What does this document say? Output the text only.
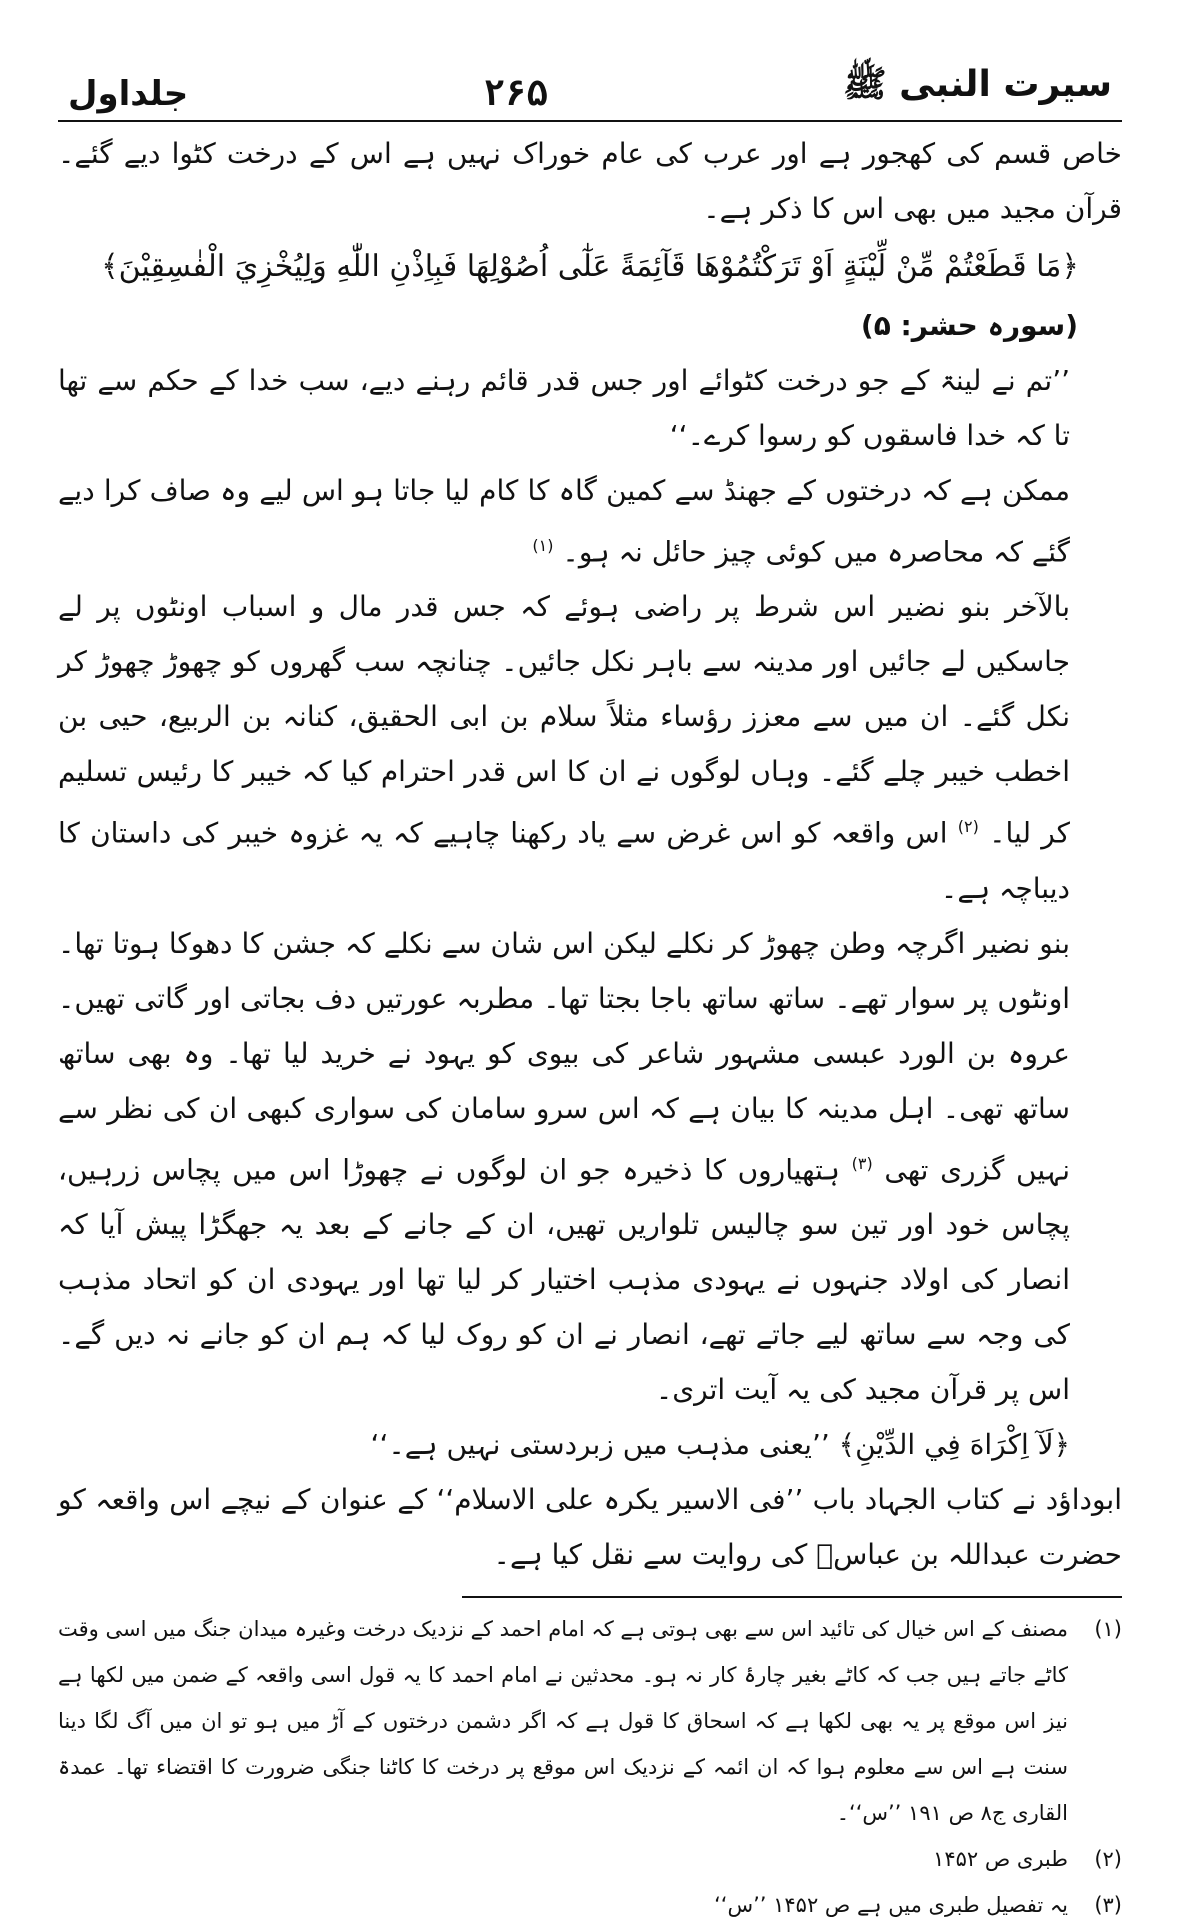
سیرت النبی ﷺ
۲۶۵
جلداول

خاص قسم کی کھجور ہے اور عرب کی عام خوراک نہیں ہے اس کے درخت کٹوا دیے گئے۔ قرآن مجید میں بھی اس کا ذکر ہے۔

﴿مَا قَطَعْتُمْ مِّنْ لِّيْنَةٍ اَوْ تَرَكْتُمُوْهَا قَآئِمَةً عَلٰٓى اُصُوْلِهَا فَبِاِذْنِ اللّٰهِ وَلِيُخْزِيَ الْفٰسِقِيْنَ﴾

(سورہ حشر: ۵)

’’تم نے لینۃ کے جو درخت کٹوائے اور جس قدر قائم رہنے دیے، سب خدا کے حکم سے تھا تا کہ خدا فاسقوں کو رسوا کرے۔‘‘

ممکن ہے کہ درختوں کے جھنڈ سے کمین گاہ کا کام لیا جاتا ہو اس لیے وہ صاف کرا دیے گئے کہ محاصرہ میں کوئی چیز حائل نہ ہو۔ $^{(۱)}$

بالآخر بنو نضیر اس شرط پر راضی ہوئے کہ جس قدر مال و اسباب اونٹوں پر لے جاسکیں لے جائیں اور مدینہ سے باہر نکل جائیں۔ چنانچہ سب گھروں کو چھوڑ چھوڑ کر نکل گئے۔ ان میں سے معزز رؤساء مثلاً سلام بن ابی الحقیق، کنانہ بن الربیع، حیی بن اخطب خیبر چلے گئے۔ وہاں لوگوں نے ان کا اس قدر احترام کیا کہ خیبر کا رئیس تسلیم کر لیا۔ $^{(۲)}$ اس واقعہ کو اس غرض سے یاد رکھنا چاہیے کہ یہ غزوہ خیبر کی داستان کا دیباچہ ہے۔

بنو نضیر اگرچہ وطن چھوڑ کر نکلے لیکن اس شان سے نکلے کہ جشن کا دھوکا ہوتا تھا۔ اونٹوں پر سوار تھے۔ ساتھ ساتھ باجا بجتا تھا۔ مطربہ عورتیں دف بجاتی اور گاتی تھیں۔ عروہ بن الورد عبسی مشہور شاعر کی بیوی کو یہود نے خرید لیا تھا۔ وہ بھی ساتھ ساتھ تھی۔ اہل مدینہ کا بیان ہے کہ اس سرو سامان کی سواری کبھی ان کی نظر سے نہیں گزری تھی $^{(۳)}$ ہتھیاروں کا ذخیرہ جو ان لوگوں نے چھوڑا اس میں پچاس زرہیں، پچاس خود اور تین سو چالیس تلواریں تھیں، ان کے جانے کے بعد یہ جھگڑا پیش آیا کہ انصار کی اولاد جنہوں نے یہودی مذہب اختیار کر لیا تھا اور یہودی ان کو اتحاد مذہب کی وجہ سے ساتھ لیے جاتے تھے، انصار نے ان کو روک لیا کہ ہم ان کو جانے نہ دیں گے۔ اس پر قرآن مجید کی یہ آیت اتری۔

﴿لَآ اِكْرَاهَ فِي الدِّيْنِ﴾ ’’یعنی مذہب میں زبردستی نہیں ہے۔‘‘

ابوداؤد نے کتاب الجہاد باب ’’فی الاسیر یکرہ علی الاسلام‘‘ کے عنوان کے نیچے اس واقعہ کو حضرت عبداللہ بن عباسؓ کی روایت سے نقل کیا ہے۔

(۱)
مصنف کے اس خیال کی تائید اس سے بھی ہوتی ہے کہ امام احمد کے نزدیک درخت وغیرہ میدان جنگ میں اسی وقت کاٹے جاتے ہیں جب کہ کاٹے بغیر چارۂ کار نہ ہو۔ محدثین نے امام احمد کا یہ قول اسی واقعہ کے ضمن میں لکھا ہے نیز اس موقع پر یہ بھی لکھا ہے کہ اسحاق کا قول ہے کہ اگر دشمن درختوں کے آڑ میں ہو تو ان میں آگ لگا دینا سنت ہے اس سے معلوم ہوا کہ ان ائمہ کے نزدیک اس موقع پر درخت کا کاٹنا جنگی ضرورت کا اقتضاء تھا۔ عمدۃ القاری ج۸ ص ۱۹۱ ’’س‘‘۔
(۲)
طبری ص ۱۴۵۲
(۳)
یہ تفصیل طبری میں ہے ص ۱۴۵۲ ’’س‘‘
